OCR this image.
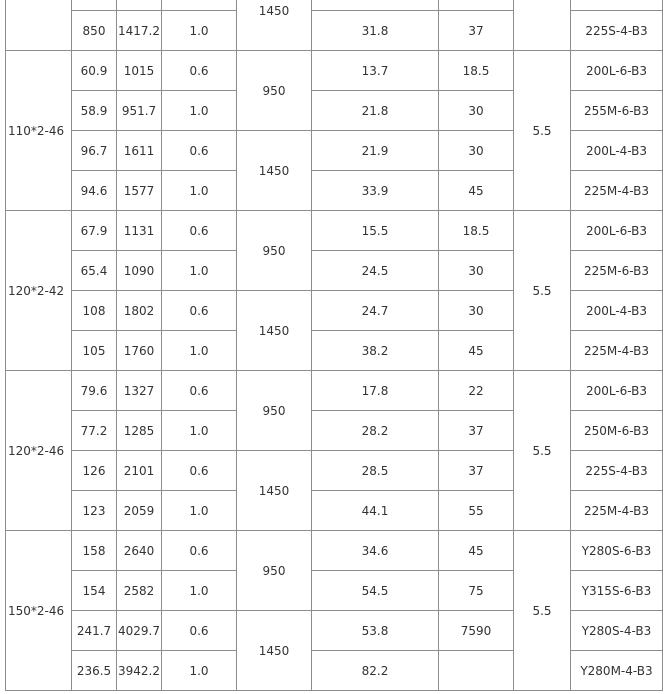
				1450				
	850	1417.2	1.0		31.8	37		225S-4-B3
110*2-46	60.9	1015	0.6	950	13.7	18.5	5.5	200L-6-B3
	58.9	951.7	1.0		21.8	30		255M-6-B3
	96.7	1611	0.6	1450	21.9	30		200L-4-B3
	94.6	1577	1.0		33.9	45		225M-4-B3
120*2-42	67.9	1131	0.6	950	15.5	18.5	5.5	200L-6-B3
	65.4	1090	1.0		24.5	30		225M-6-B3
	108	1802	0.6	1450	24.7	30		200L-4-B3
	105	1760	1.0		38.2	45		225M-4-B3
120*2-46	79.6	1327	0.6	950	17.8	22	5.5	200L-6-B3
	77.2	1285	1.0		28.2	37		250M-6-B3
	126	2101	0.6	1450	28.5	37		225S-4-B3
	123	2059	1.0		44.1	55		225M-4-B3
150*2-46	158	2640	0.6	950	34.6	45	5.5	Y280S-6-B3
	154	2582	1.0		54.5	75		Y315S-6-B3
	241.7	4029.7	0.6	1450	53.8	7590		Y280S-4-B3
	236.5	3942.2	1.0		82.2			Y280M-4-B3
